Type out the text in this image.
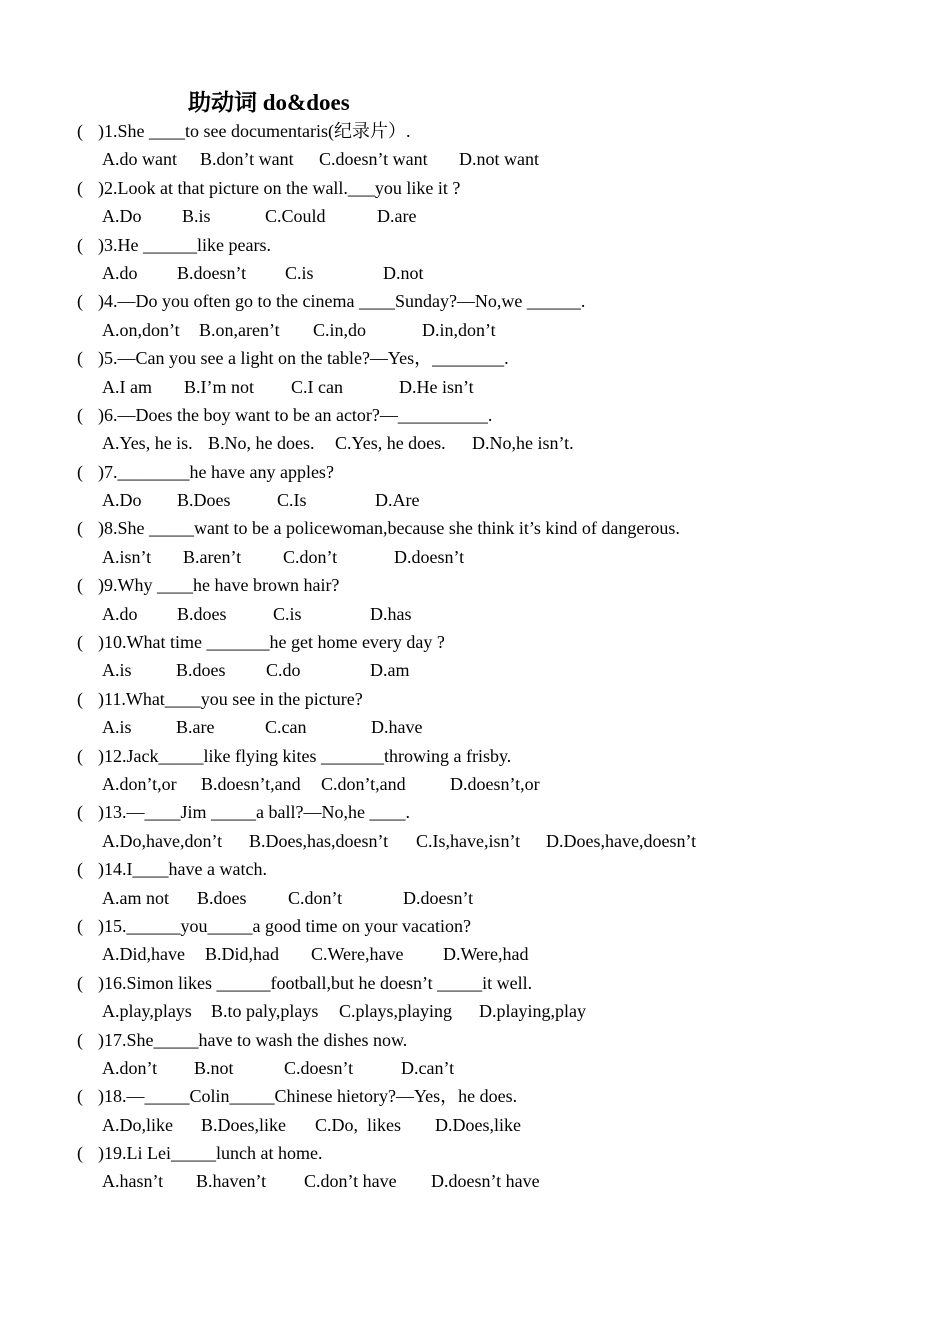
助动词 do&does
( )1.She ____to see documentaris(纪录片）.
A.do want B.don’t want C.doesn’t want D.not want
( )2.Look at that picture on the wall.___you like it ?
A.Do B.is	C.Could	D.are
( )3.He ______like pears.
A.do B.doesn’t C.is	D.not
( )4.—Do you often go to the cinema ____Sunday?—No,we ______.
A.on,don’t B.on,aren’t C.in,do	D.in,don’t
( )5.—Can you see a light on the table?—Yes，________.
A.I am B.I’m not C.I can	D.He isn’t
( )6.—Does the boy want to be an actor?—__________.
A.Yes, he is. B.No, he does. C.Yes, he does. D.No,he isn’t.
( )7.________he have any apples?
A.Do B.Does	C.Is	D.Are
( )8.She _____want to be a policewoman,because she think it’s kind of dangerous.
A.isn’t B.aren’t C.don’t	D.doesn’t
( )9.Why ____he have brown hair?
A.do B.does	C.is	D.has
( )10.What time _______he get home every day ?
A.is B.does C.do	D.am
( )11.What____you see in the picture?
A.is B.are	C.can	D.have
( )12.Jack_____like flying kites _______throwing a frisby.
A.don’t,or B.doesn’t,and C.don’t,and D.doesn’t,or
( )13.—____Jim _____a ball?—No,he ____.
A.Do,have,don’t B.Does,has,doesn’t C.Is,have,isn’t D.Does,have,doesn’t
( )14.I____have a watch.
A.am not B.does C.don’t	D.doesn’t
( )15.______you_____a good time on your vacation?
A.Did,have B.Did,had C.Were,have D.Were,had
( )16.Simon likes ______football,but he doesn’t _____it well.
A.play,plays B.to paly,plays C.plays,playing D.playing,play
( )17.She_____have to wash the dishes now.
A.don’t B.not	C.doesn’t	D.can’t
( )18.—_____Colin_____Chinese hietory?—Yes，he does.
A.Do,like B.Does,like C.Do,  likes D.Does,like
( )19.Li Lei_____lunch at home.
A.hasn’t B.haven’t C.don’t have D.doesn’t have
